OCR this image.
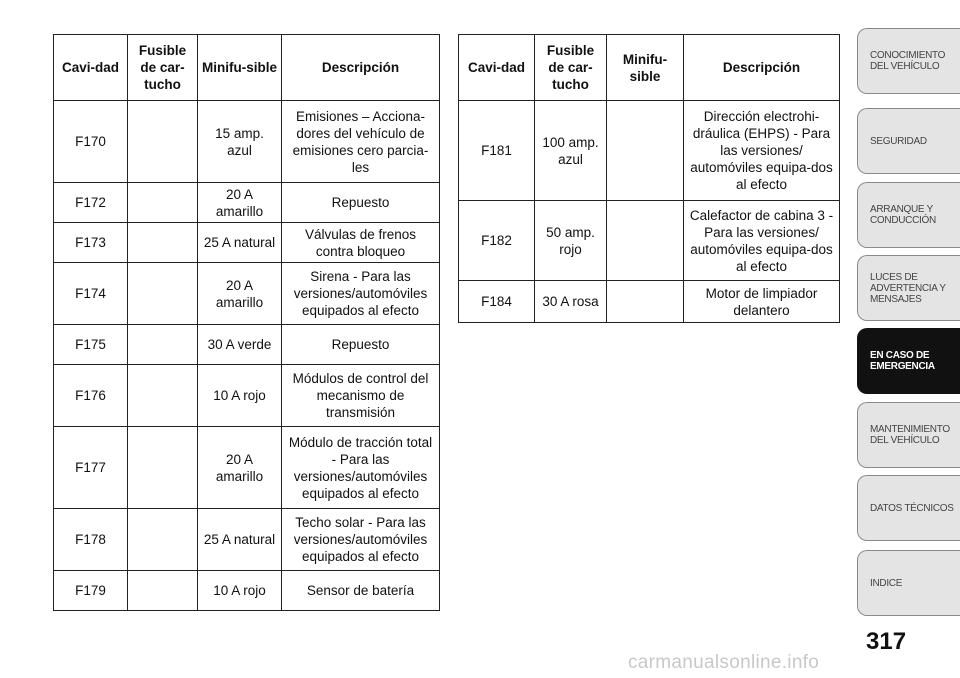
Cavi-dad	Fusible de car-tucho	Minifu-sible	Descripción

F170		15 amp. azul	Emisiones – Acciona-dores del vehículo de emisiones cero parcia-les

F172		20 A amarillo	Repuesto

F173		25 A natural	Válvulas de frenos contra bloqueo

F174		20 A amarillo	Sirena - Para las versiones/automóviles equipados al efecto

F175		30 A verde	Repuesto

F176		10 A rojo	Módulos de control del mecanismo de transmisión

F177		20 A amarillo	Módulo de tracción total - Para las versiones/automóviles equipados al efecto

F178		25 A natural	Techo solar - Para las versiones/automóviles equipados al efecto

F179		10 A rojo	Sensor de batería
Cavi-dad	Fusible de car-tucho	Minifu-sible	Descripción

F181	100 amp. azul		Dirección electrohi-dráulica (EHPS) - Para las versiones/ automóviles equipa-dos al efecto

F182	50 amp. rojo		Calefactor de cabina 3 - Para las versiones/ automóviles equipa-dos al efecto

F184	30 A rosa		Motor de limpiador delantero
CONOCIMIENTO DEL VEHÍCULO
SEGURIDAD
ARRANQUE Y CONDUCCIÓN
LUCES DE ADVERTENCIA Y MENSAJES
EN CASO DE EMERGENCIA
MANTENIMIENTO DEL VEHÍCULO
DATOS TÉCNICOS
INDICE
317
carmanualsonline.info
